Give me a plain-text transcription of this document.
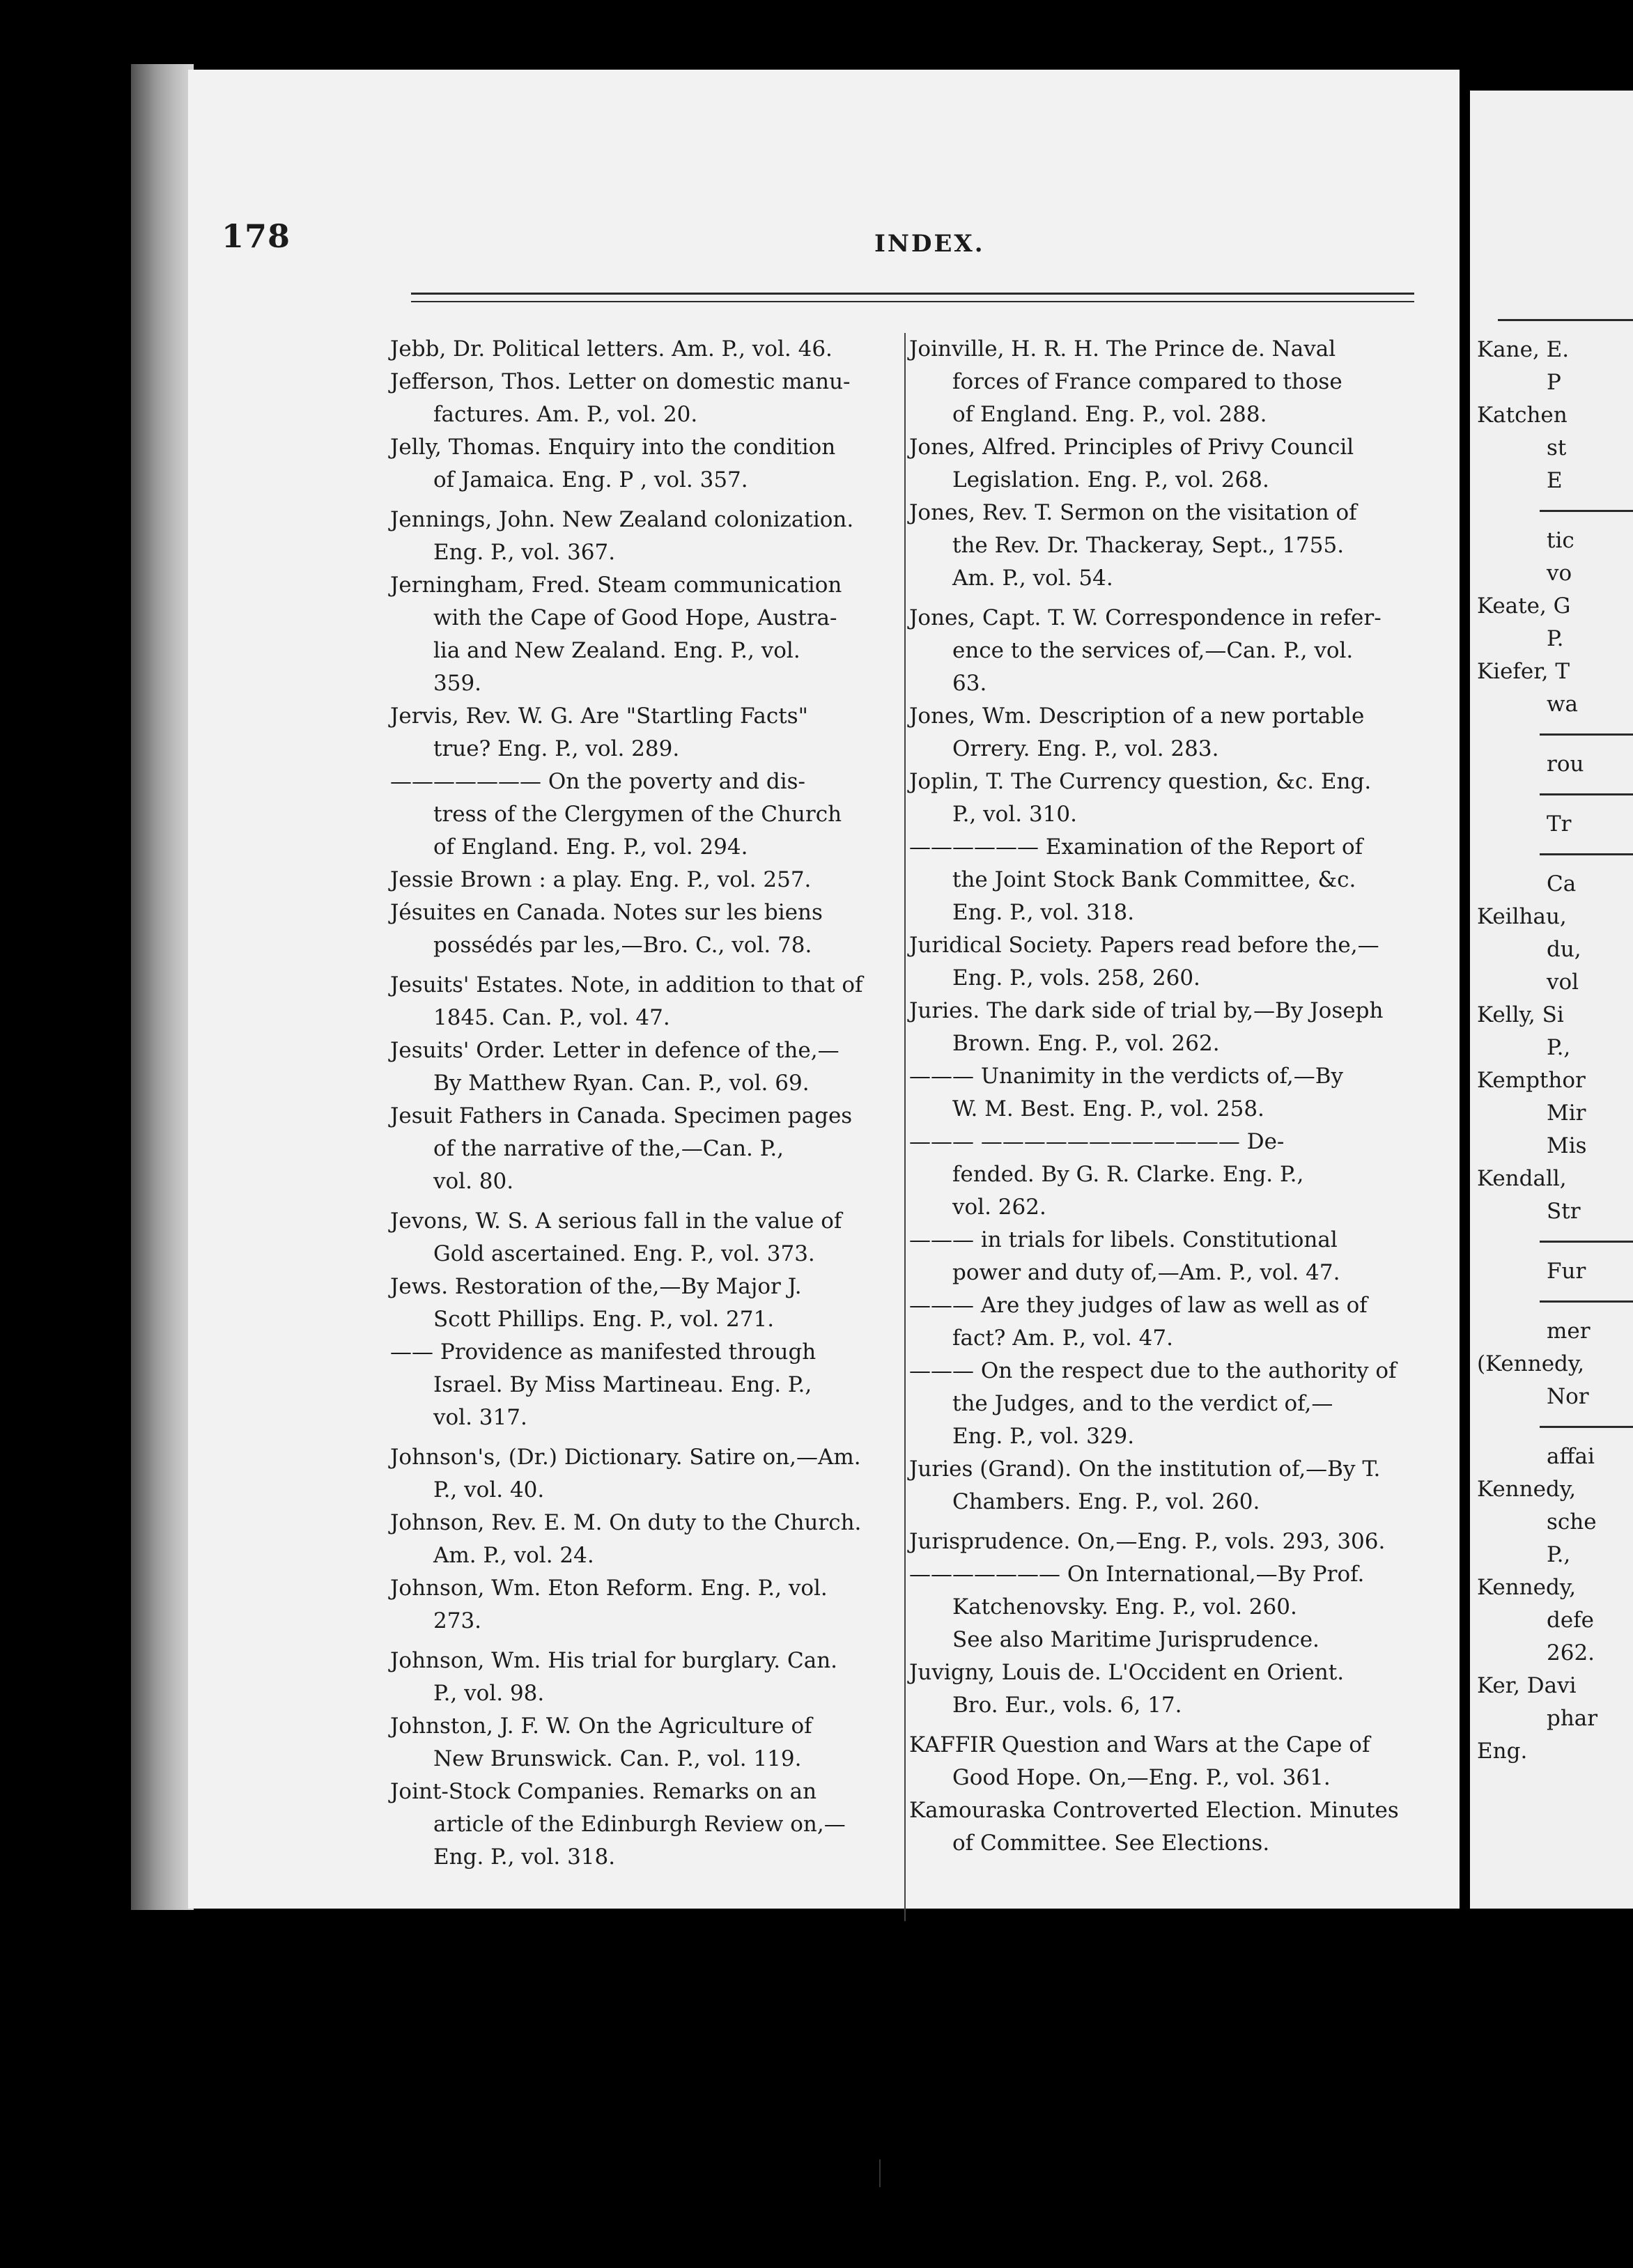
178	INDEX.
Jebb, Dr. Political letters. Am. P., vol. 46.
Jefferson, Thos. Letter on domestic manu-
factures. Am. P., vol. 20.
Jelly, Thomas. Enquiry into the condition
of Jamaica. Eng. P , vol. 357.
Jennings, John. New Zealand colonization.
Eng. P., vol. 367.
Jerningham, Fred. Steam communication
with the Cape of Good Hope, Austra-
lia and New Zealand. Eng. P., vol.
359.
Jervis, Rev. W. G. Are "Startling Facts"
true? Eng. P., vol. 289.
——————— On the poverty and dis-
tress of the Clergymen of the Church
of England. Eng. P., vol. 294.
Jessie Brown : a play. Eng. P., vol. 257.
Jésuites en Canada. Notes sur les biens
possédés par les,—Bro. C., vol. 78.
Jesuits' Estates. Note, in addition to that of
1845. Can. P., vol. 47.
Jesuits' Order. Letter in defence of the,—
By Matthew Ryan. Can. P., vol. 69.
Jesuit Fathers in Canada. Specimen pages
of the narrative of the,—Can. P.,
vol. 80.
Jevons, W. S. A serious fall in the value of
Gold ascertained. Eng. P., vol. 373.
Jews. Restoration of the,—By Major J.
Scott Phillips. Eng. P., vol. 271.
—— Providence as manifested through
Israel. By Miss Martineau. Eng. P.,
vol. 317.
Johnson's, (Dr.) Dictionary. Satire on,—Am.
P., vol. 40.
Johnson, Rev. E. M. On duty to the Church.
Am. P., vol. 24.
Johnson, Wm. Eton Reform. Eng. P., vol.
273.
Johnson, Wm. His trial for burglary. Can.
P., vol. 98.
Johnston, J. F. W. On the Agriculture of
New Brunswick. Can. P., vol. 119.
Joint-Stock Companies. Remarks on an
article of the Edinburgh Review on,—
Eng. P., vol. 318.
Joinville, H. R. H. The Prince de. Naval
forces of France compared to those
of England. Eng. P., vol. 288.
Jones, Alfred. Principles of Privy Council
Legislation. Eng. P., vol. 268.
Jones, Rev. T. Sermon on the visitation of
the Rev. Dr. Thackeray, Sept., 1755.
Am. P., vol. 54.
Jones, Capt. T. W. Correspondence in refer-
ence to the services of,—Can. P., vol.
63.
Jones, Wm. Description of a new portable
Orrery. Eng. P., vol. 283.
Joplin, T. The Currency question, &c. Eng.
P., vol. 310.
—————— Examination of the Report of
the Joint Stock Bank Committee, &c.
Eng. P., vol. 318.
Juridical Society. Papers read before the,—
Eng. P., vols. 258, 260.
Juries. The dark side of trial by,—By Joseph
Brown. Eng. P., vol. 262.
——— Unanimity in the verdicts of,—By
W. M. Best. Eng. P., vol. 258.
——— ———————————— De-
fended. By G. R. Clarke. Eng. P.,
vol. 262.
——— in trials for libels. Constitutional
power and duty of,—Am. P., vol. 47.
——— Are they judges of law as well as of
fact? Am. P., vol. 47.
——— On the respect due to the authority of
the Judges, and to the verdict of,—
Eng. P., vol. 329.
Juries (Grand). On the institution of,—By T.
Chambers. Eng. P., vol. 260.
Jurisprudence. On,—Eng. P., vols. 293, 306.
——————— On International,—By Prof.
Katchenovsky. Eng. P., vol. 260.
See also Maritime Jurisprudence.
Juvigny, Louis de. L'Occident en Orient.
Bro. Eur., vols. 6, 17.
KAFFIR Question and Wars at the Cape of
Good Hope. On,—Eng. P., vol. 361.
Kamouraska Controverted Election. Minutes
of Committee. See Elections.
Kane, E.
P
Katchen
st
E
tic
vo
Keate, G
P.
Kiefer, T
wa
rou
Tr
Ca
Keilhau,
du,
vol
Kelly, Si
P.,
Kempthor
Mir
Mis
Kendall,
Str
Fur
mer
(Kennedy,
Nor
affai
Kennedy,
sche
P.,
Kennedy,
defe
262.
Ker, Davi
phar
Eng.
